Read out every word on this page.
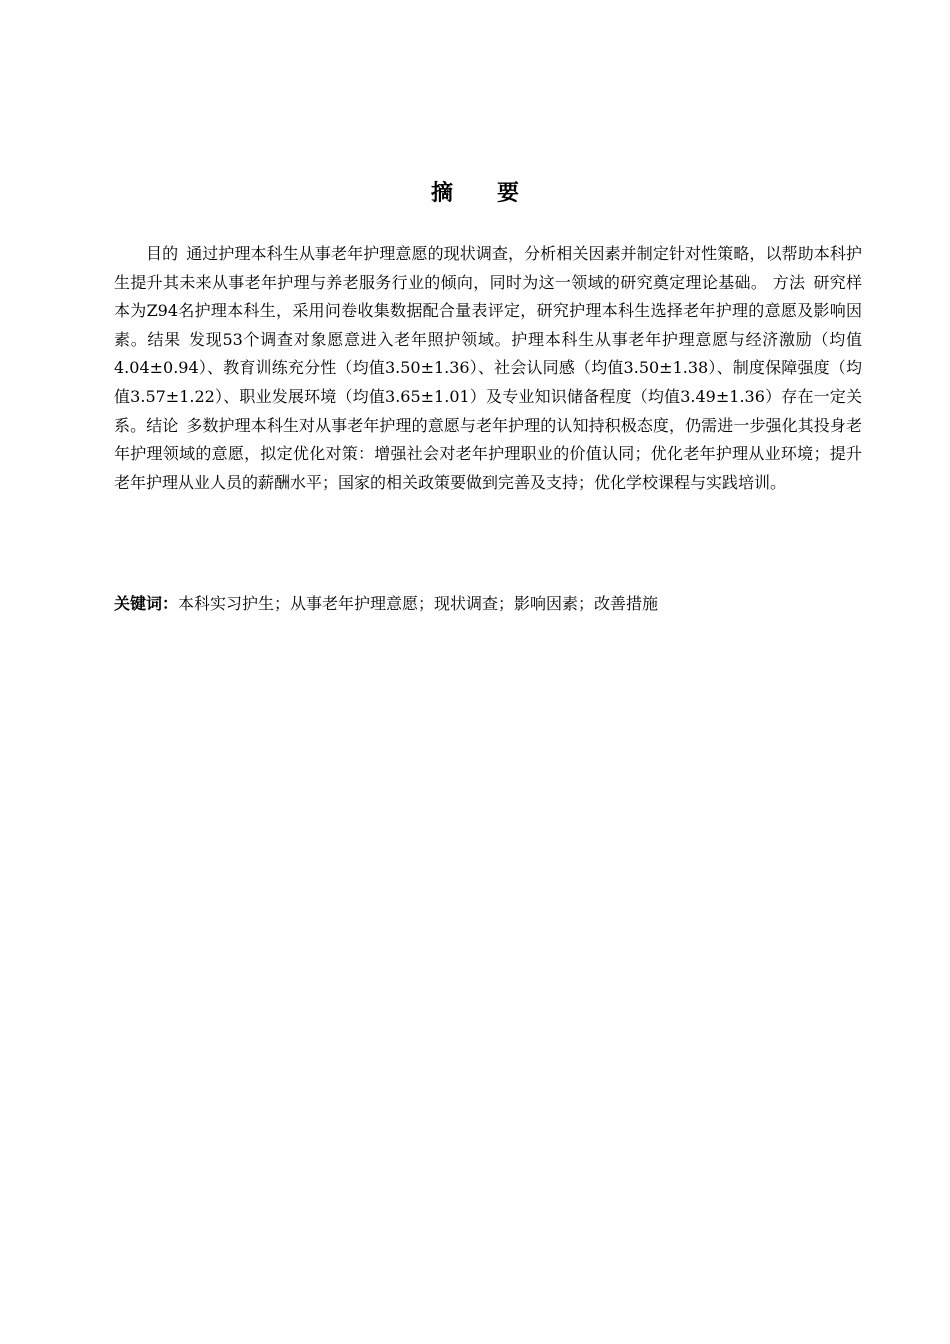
摘 要

目的 通过护理本科生从事老年护理意愿的现状调查，分析相关因素并制定针对性策略，以帮助本科护生提升其未来从事老年护理与养老服务行业的倾向，同时为这一领域的研究奠定理论基础。 方法 研究样本为Z94名护理本科生，采用问卷收集数据配合量表评定，研究护理本科生选择老年护理的意愿及影响因素。结果 发现53个调查对象愿意进入老年照护领域。护理本科生从事老年护理意愿与经济激励（均值4.04±0.94）、教育训练充分性（均值3.50±1.36）、社会认同感（均值3.50±1.38）、制度保障强度（均值3.57±1.22）、职业发展环境（均值3.65±1.01）及专业知识储备程度（均值3.49±1.36）存在一定关系。结论 多数护理本科生对从事老年护理的意愿与老年护理的认知持积极态度，仍需进一步强化其投身老年护理领域的意愿，拟定优化对策：增强社会对老年护理职业的价值认同；优化老年护理从业环境；提升老年护理从业人员的薪酬水平；国家的相关政策要做到完善及支持；优化学校课程与实践培训。

关键词：本科实习护生；从事老年护理意愿；现状调查；影响因素；改善措施
